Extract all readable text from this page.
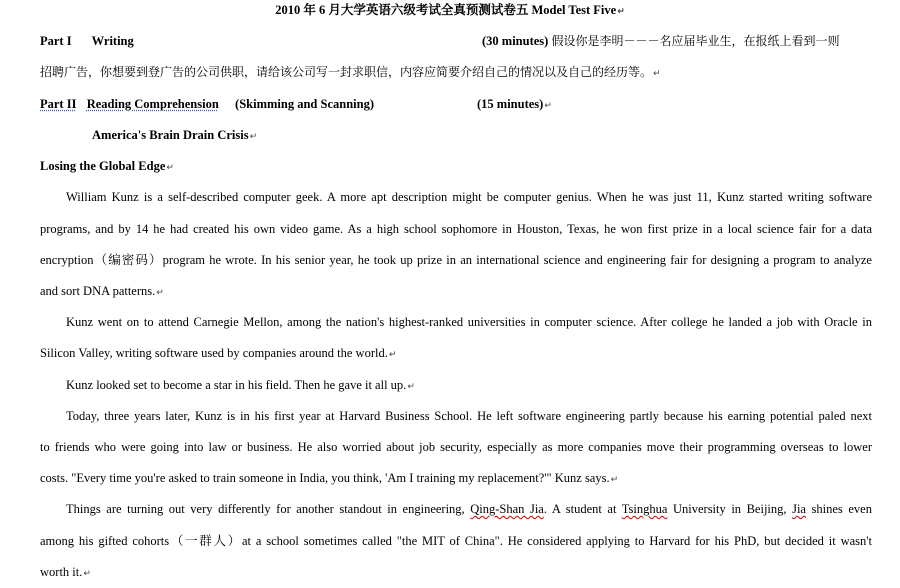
2010 年 6 月大学英语六级考试全真预测试卷五 Model Test Five↵
Part I Writing	(30 minutes) 假设你是李明－－－名应届毕业生，在报纸上看到一则
招聘广告，你想要到登广告的公司供职，请给该公司写一封求职信，内容应简要介绍自己的情况以及自己的经历等。↵
Part II Reading Comprehension (Skimming and Scanning)	(15 minutes)↵
America's Brain Drain Crisis↵
Losing the Global Edge↵
William Kunz is a self-described computer geek. A more apt description might be computer genius. When he was just 11, Kunz started writing software
programs, and by 14 he had created his own video game. As a high school sophomore in Houston, Texas, he won first prize in a local science fair for a data
encryption（编密码）program he wrote. In his senior year, he took up prize in an international science and engineering fair for designing a program to analyze
and sort DNA patterns.↵
Kunz went on to attend Carnegie Mellon, among the nation's highest-ranked universities in computer science. After college he landed a job with Oracle in
Silicon Valley, writing software used by companies around the world.↵
Kunz looked set to become a star in his field. Then he gave it all up.↵
Today, three years later, Kunz is in his first year at Harvard Business School. He left software engineering partly because his earning potential paled next
to friends who were going into law or business. He also worried about job security, especially as more companies move their programming overseas to lower
costs. "Every time you're asked to train someone in India, you think, 'Am I training my replacement?'" Kunz says.↵
Things are turning out very differently for another standout in engineering, Qing-Shan Jia. A student at Tsinghua University in Beijing, Jia shines even
among his gifted cohorts（一群人）at a school sometimes called "the MIT of China". He considered applying to Harvard for his PhD, but decided it wasn't
worth it.↵
